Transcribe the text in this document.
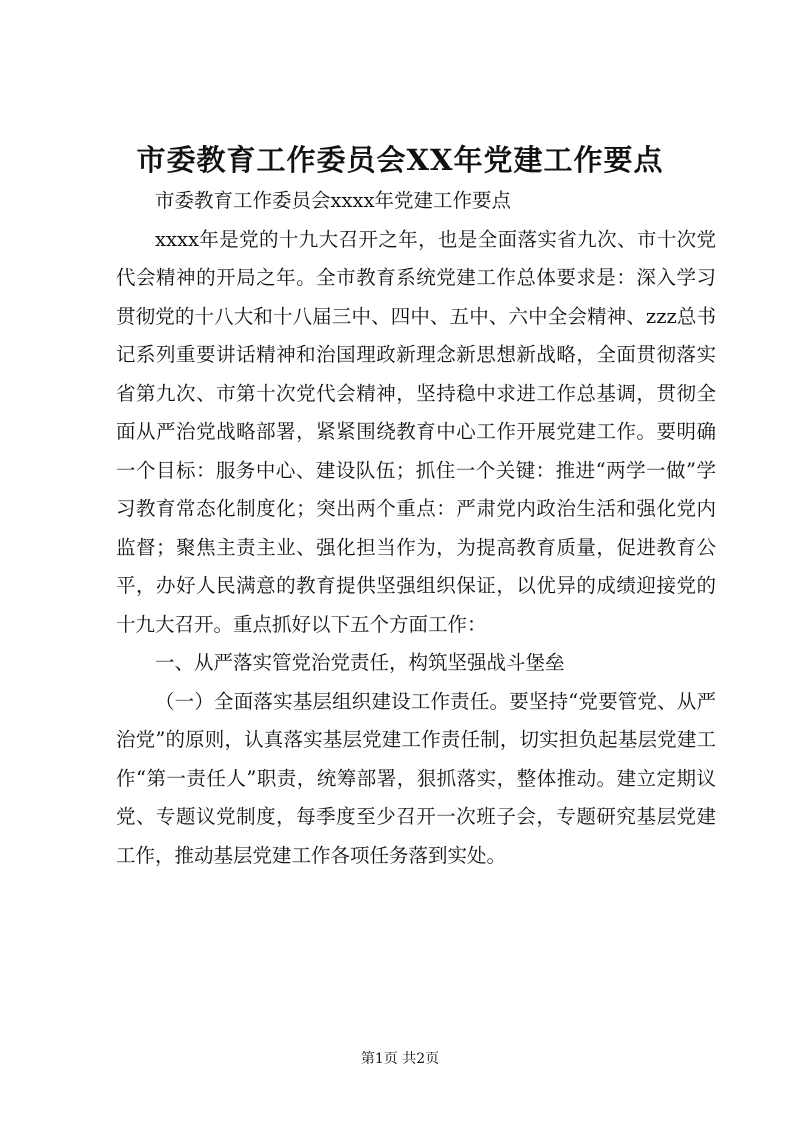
市委教育工作委员会XX年党建工作要点

市委教育工作委员会xxxx年党建工作要点

xxxx年是党的十九大召开之年，也是全面落实省九次、市十次党代会精神的开局之年。全市教育系统党建工作总体要求是：深入学习贯彻党的十八大和十八届三中、四中、五中、六中全会精神、zzz总书记系列重要讲话精神和治国理政新理念新思想新战略，全面贯彻落实省第九次、市第十次党代会精神，坚持稳中求进工作总基调，贯彻全面从严治党战略部署，紧紧围绕教育中心工作开展党建工作。要明确一个目标：服务中心、建设队伍；抓住一个关键：推进“两学一做”学习教育常态化制度化；突出两个重点：严肃党内政治生活和强化党内监督；聚焦主责主业、强化担当作为，为提高教育质量，促进教育公平，办好人民满意的教育提供坚强组织保证，以优异的成绩迎接党的十九大召开。重点抓好以下五个方面工作：

一、从严落实管党治党责任，构筑坚强战斗堡垒

（一）全面落实基层组织建设工作责任。要坚持“党要管党、从严治党”的原则，认真落实基层党建工作责任制，切实担负起基层党建工作“第一责任人”职责，统筹部署，狠抓落实，整体推动。建立定期议党、专题议党制度，每季度至少召开一次班子会，专题研究基层党建工作，推动基层党建工作各项任务落到实处。

第1页 共2页
